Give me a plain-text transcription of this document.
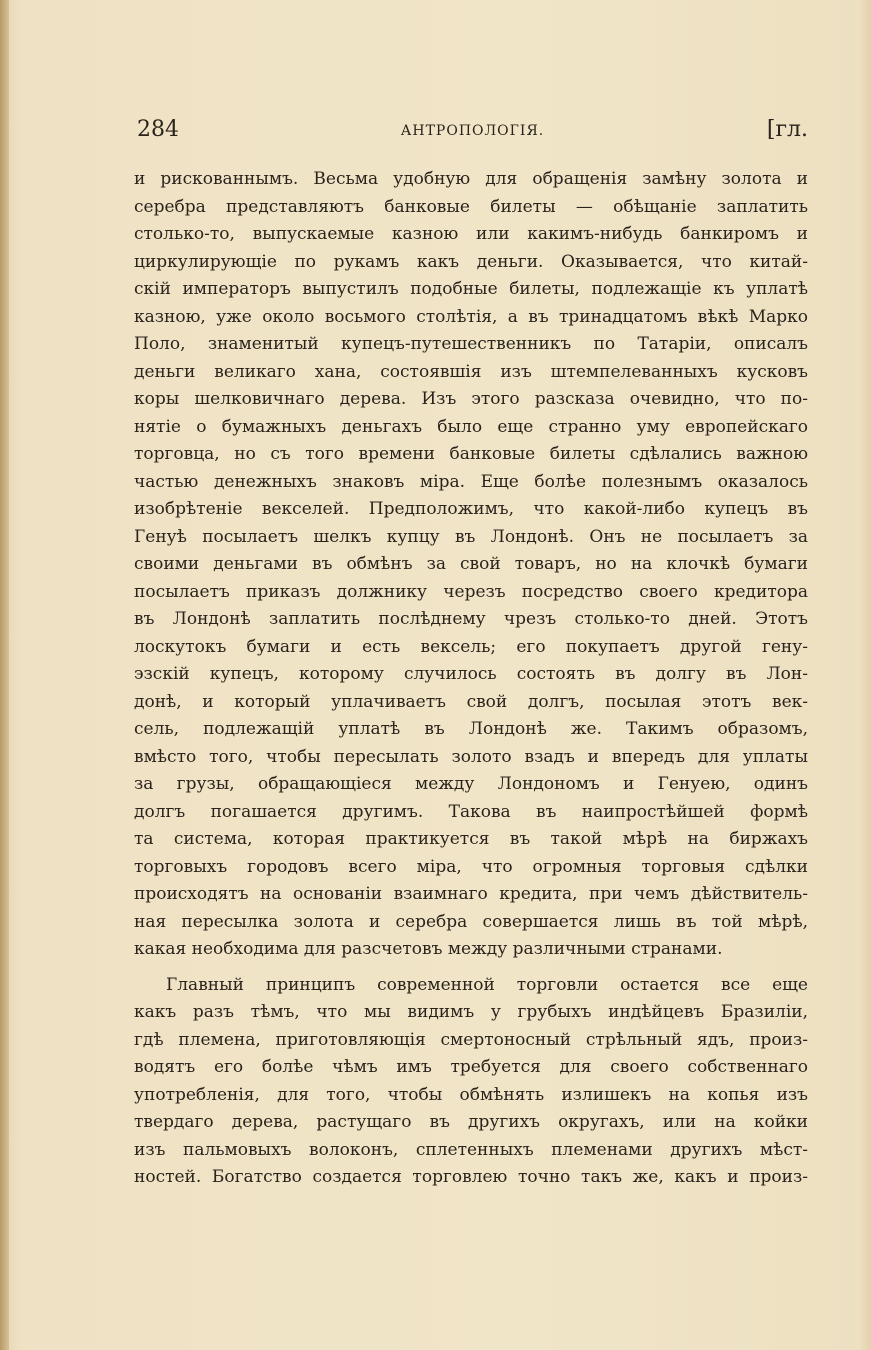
284	АНТРОПОЛОГІЯ.	[гл.
и рискованнымъ. Весьма удобную для обращенія замѣну золота и
серебра представляютъ банковые билеты — обѣщаніе заплатить
столько-то, выпускаемые казною или какимъ-нибудь банкиромъ и
циркулирующіе по рукамъ какъ деньги. Оказывается, что китай-
скій императоръ выпустилъ подобные билеты, подлежащіе къ уплатѣ
казною, уже около восьмого столѣтія, а въ тринадцатомъ вѣкѣ Марко
Поло, знаменитый купецъ-путешественникъ по Татаріи, описалъ
деньги великаго хана, состоявшія изъ штемпелеванныхъ кусковъ
коры шелковичнаго дерева. Изъ этого разсказа очевидно, что по-
нятіе о бумажныхъ деньгахъ было еще странно уму европейскаго
торговца, но съ того времени банковые билеты сдѣлались важною
частью денежныхъ знаковъ міра. Еще болѣе полезнымъ оказалось
изобрѣтеніе векселей. Предположимъ, что какой-либо купецъ въ
Генуѣ посылаетъ шелкъ купцу въ Лондонѣ. Онъ не посылаетъ за
своими деньгами въ обмѣнъ за свой товаръ, но на клочкѣ бумаги
посылаетъ приказъ должнику черезъ посредство своего кредитора
въ Лондонѣ заплатить послѣднему чрезъ столько-то дней. Этотъ
лоскутокъ бумаги и есть вексель; его покупаетъ другой гену-
эзскій купецъ, которому случилось состоять въ долгу въ Лон-
донѣ, и который уплачиваетъ свой долгъ, посылая этотъ век-
сель, подлежащій уплатѣ въ Лондонѣ же. Такимъ образомъ,
вмѣсто того, чтобы пересылать золото взадъ и впередъ для уплаты
за грузы, обращающіеся между Лондономъ и Генуею, одинъ
долгъ погашается другимъ. Такова въ наипростѣйшей формѣ
та система, которая практикуется въ такой мѣрѣ на биржахъ
торговыхъ городовъ всего міра, что огромныя торговыя сдѣлки
происходятъ на основаніи взаимнаго кредита, при чемъ дѣйствитель-
ная пересылка золота и серебра совершается лишь въ той мѣрѣ,
какая необходима для разсчетовъ между различными странами.
Главный принципъ современной торговли остается все еще
какъ разъ тѣмъ, что мы видимъ у грубыхъ индѣйцевъ Бразиліи,
гдѣ племена, приготовляющія смертоносный стрѣльный ядъ, произ-
водятъ его болѣе чѣмъ имъ требуется для своего собственнаго
употребленія, для того, чтобы обмѣнять излишекъ на копья изъ
твердаго дерева, растущаго въ другихъ округахъ, или на койки
изъ пальмовыхъ волоконъ, сплетенныхъ племенами другихъ мѣст-
ностей. Богатство создается торговлею точно такъ же, какъ и произ-
